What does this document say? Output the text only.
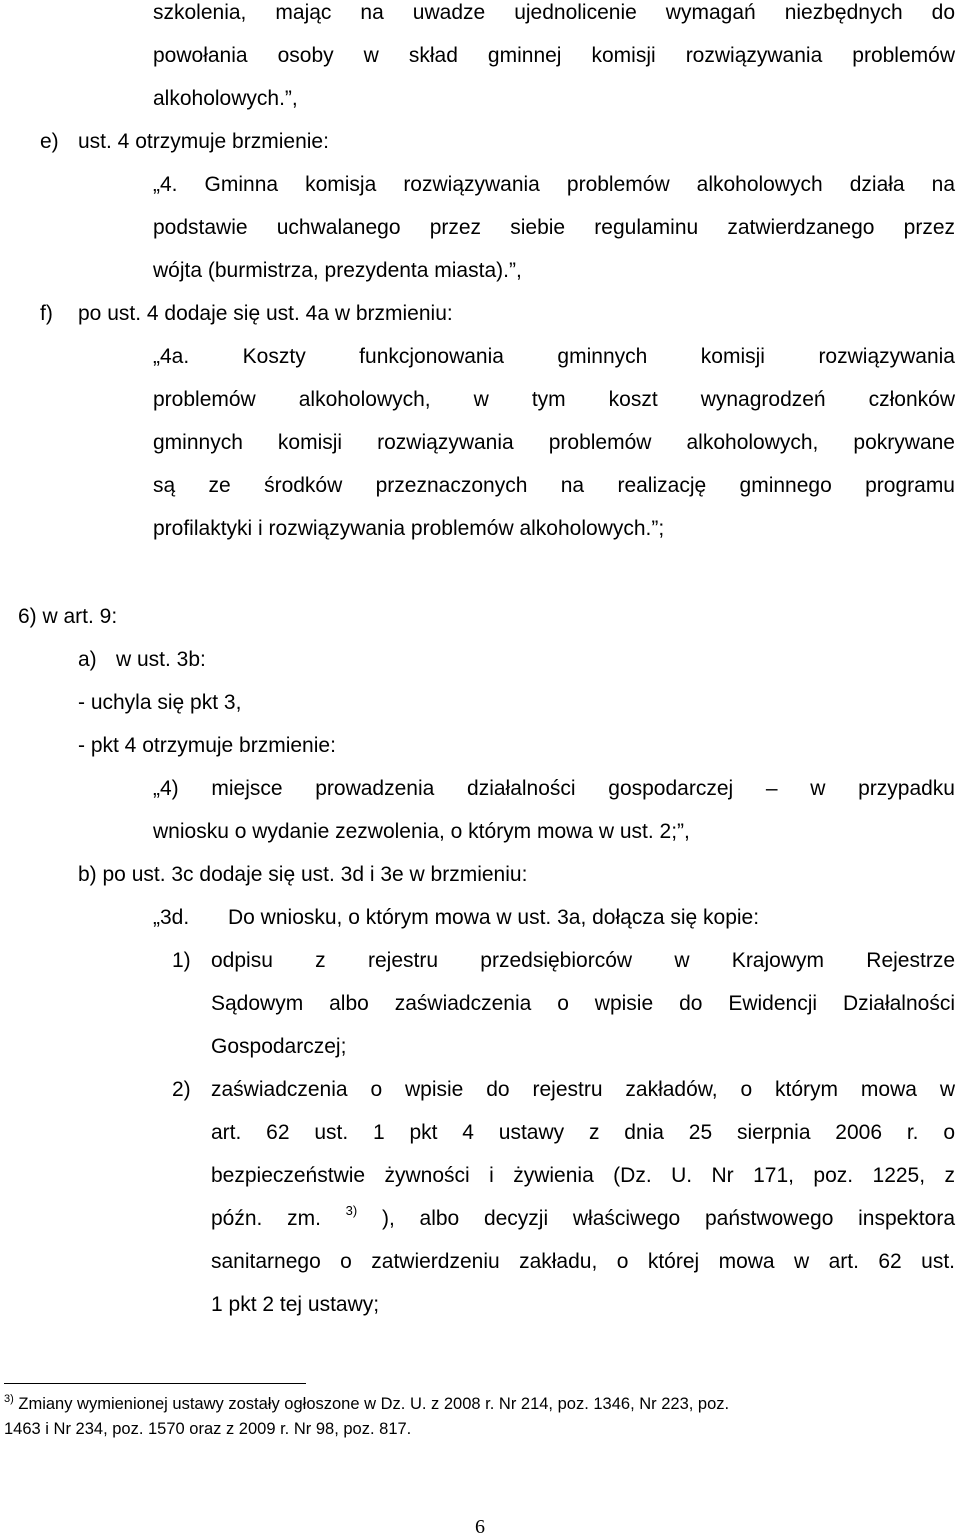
szkolenia, mając na uwadze ujednolicenie wymagań niezbędnych do
powołania osoby w skład gminnej komisji rozwiązywania problemów
alkoholowych.”,
e) ust. 4 otrzymuje brzmienie:
„4. Gminna komisja rozwiązywania problemów alkoholowych działa na
podstawie uchwalanego przez siebie regulaminu zatwierdzanego przez
wójta (burmistrza, prezydenta miasta).”,
f) po ust. 4 dodaje się ust. 4a w brzmieniu:
„4a. Koszty funkcjonowania gminnych komisji rozwiązywania
problemów alkoholowych, w tym koszt wynagrodzeń członków
gminnych komisji rozwiązywania problemów alkoholowych, pokrywane
są ze środków przeznaczonych na realizację gminnego programu
profilaktyki i rozwiązywania problemów alkoholowych.”;
6) w art. 9:
a) w ust. 3b:
- uchyla się pkt 3,
- pkt 4 otrzymuje brzmienie:
„4) miejsce prowadzenia działalności gospodarczej – w przypadku
wniosku o wydanie zezwolenia, o którym mowa w ust. 2;”,
b) po ust. 3c dodaje się ust. 3d i 3e w brzmieniu:
„3d. Do wniosku, o którym mowa w ust. 3a, dołącza się kopie:
1) odpisu z rejestru przedsiębiorców w Krajowym Rejestrze
Sądowym albo zaświadczenia o wpisie do Ewidencji Działalności
Gospodarczej;
2) zaświadczenia o wpisie do rejestru zakładów, o którym mowa w
art. 62 ust. 1 pkt 4 ustawy z dnia 25 sierpnia 2006 r. o
bezpieczeństwie żywności i żywienia (Dz. U. Nr 171, poz. 1225, z
późn. zm. $^{3)}$ ), albo decyzji właściwego państwowego inspektora
sanitarnego o zatwierdzeniu zakładu, o której mowa w art. 62 ust.
1 pkt 2 tej ustawy;
$^{3)}$ Zmiany wymienionej ustawy zostały ogłoszone w Dz. U. z 2008 r. Nr 214, poz. 1346, Nr 223, poz.
1463 i Nr 234, poz. 1570 oraz z 2009 r. Nr 98, poz. 817.
6
